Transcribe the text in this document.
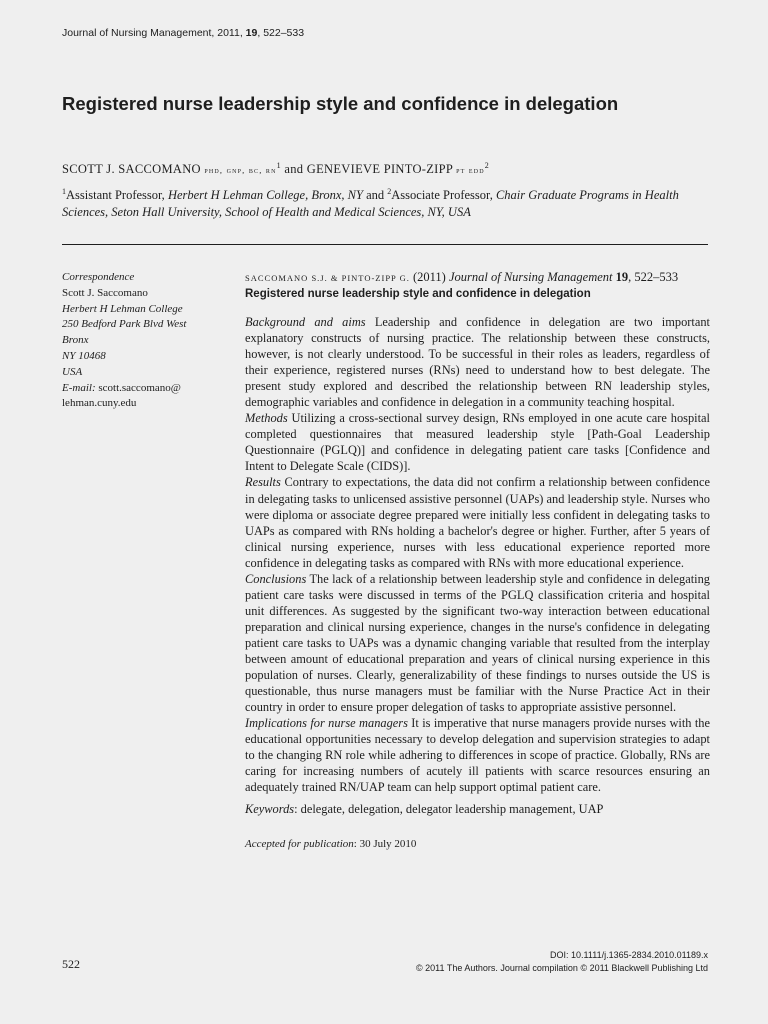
Journal of Nursing Management, 2011, 19, 522–533
Registered nurse leadership style and confidence in delegation
SCOTT J. SACCOMANO phd, gnp, bc, $rn^1$ and GENEVIEVE PINTO-ZIPP pt edd$^2$
$^1$Assistant Professor, Herbert H Lehman College, Bronx, NY and $^2$Associate Professor, Chair Graduate Programs in Health Sciences, Seton Hall University, School of Health and Medical Sciences, NY, USA
Correspondence
Scott J. Saccomano
Herbert H Lehman College
250 Bedford Park Blvd West
Bronx
NY 10468
USA
E-mail: scott.saccomano@
lehman.cuny.edu
SACCOMANO S.J. & PINTO-ZIPP G. (2011) Journal of Nursing Management 19, 522–533
Registered nurse leadership style and confidence in delegation

Background and aims Leadership and confidence in delegation are two important explanatory constructs of nursing practice. The relationship between these constructs, however, is not clearly understood. To be successful in their roles as leaders, regardless of their experience, registered nurses (RNs) need to understand how to best delegate. The present study explored and described the relationship between RN leadership styles, demographic variables and confidence in delegation in a community teaching hospital.

Methods Utilizing a cross-sectional survey design, RNs employed in one acute care hospital completed questionnaires that measured leadership style [Path-Goal Leadership Questionnaire (PGLQ)] and confidence in delegating patient care tasks [Confidence and Intent to Delegate Scale (CIDS)].

Results Contrary to expectations, the data did not confirm a relationship between confidence in delegating tasks to unlicensed assistive personnel (UAPs) and leadership style. Nurses who were diploma or associate degree prepared were initially less confident in delegating tasks to UAPs as compared with RNs holding a bachelor's degree or higher. Further, after 5 years of clinical nursing experience, nurses with less educational experience reported more confidence in delegating tasks as compared with RNs with more educational experience.

Conclusions The lack of a relationship between leadership style and confidence in delegating patient care tasks were discussed in terms of the PGLQ classification criteria and hospital unit differences. As suggested by the significant two-way interaction between educational preparation and clinical nursing experience, changes in the nurse's confidence in delegating patient care tasks to UAPs was a dynamic changing variable that resulted from the interplay between amount of educational preparation and years of clinical nursing experience in this population of nurses. Clearly, generalizability of these findings to nurses outside the US is questionable, thus nurse managers must be familiar with the Nurse Practice Act in their country in order to ensure proper delegation of tasks to appropriate assistive personnel.

Implications for nurse managers It is imperative that nurse managers provide nurses with the educational opportunities necessary to develop delegation and supervision strategies to adapt to the changing RN role while adhering to differences in scope of practice. Globally, RNs are caring for increasing numbers of acutely ill patients with scarce resources ensuring an adequately trained RN/UAP team can help support optimal patient care.

Keywords: delegate, delegation, delegator leadership management, UAP
Accepted for publication: 30 July 2010
522
DOI: 10.1111/j.1365-2834.2010.01189.x
© 2011 The Authors. Journal compilation © 2011 Blackwell Publishing Ltd
